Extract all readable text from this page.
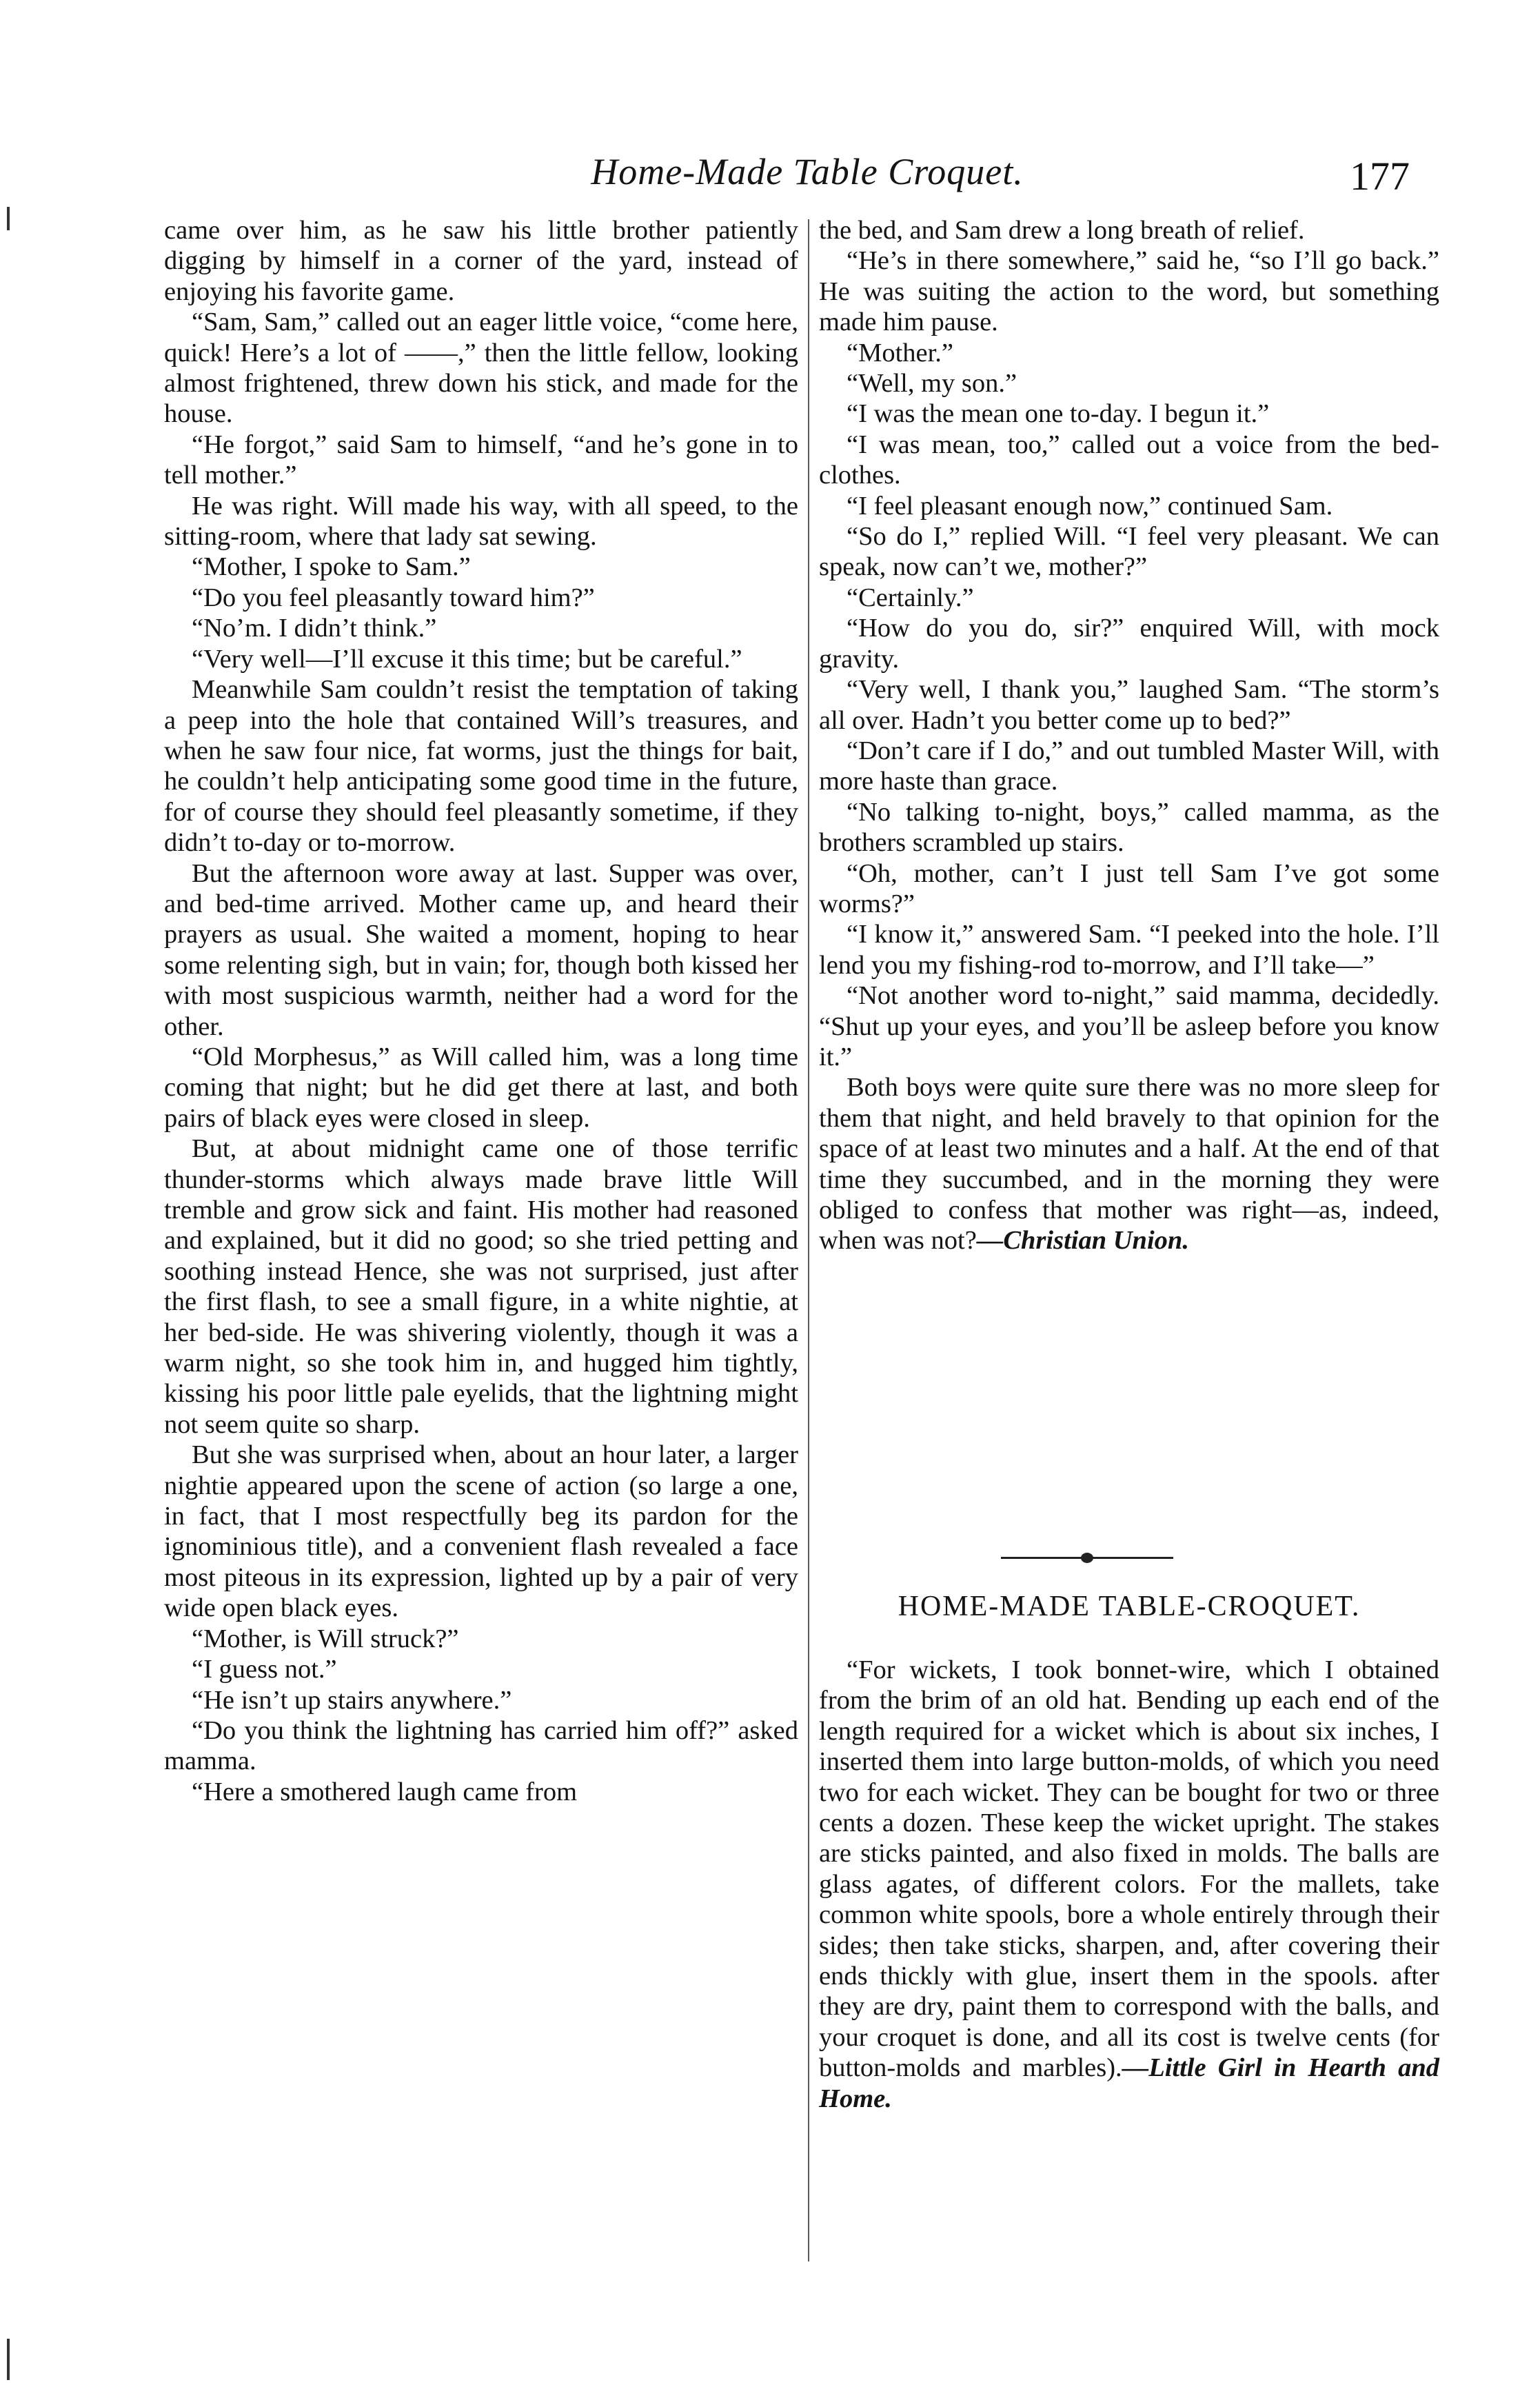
Home-Made Table Croquet.	177

came over him, as he saw his little brother patiently digging by himself in a corner of the yard, instead of enjoying his favorite game.

“Sam, Sam,” called out an eager little voice, “come here, quick! Here’s a lot of ——,” then the little fellow, looking almost frightened, threw down his stick, and made for the house.

“He forgot,” said Sam to himself, “and he’s gone in to tell mother.”

He was right. Will made his way, with all speed, to the sitting-room, where that lady sat sewing.

“Mother, I spoke to Sam.”

“Do you feel pleasantly toward him?”

“No’m. I didn’t think.”

“Very well—I’ll excuse it this time; but be careful.”

Meanwhile Sam couldn’t resist the temptation of taking a peep into the hole that contained Will’s treasures, and when he saw four nice, fat worms, just the things for bait, he couldn’t help anticipating some good time in the future, for of course they should feel pleasantly sometime, if they didn’t to-day or to-morrow.

But the afternoon wore away at last. Supper was over, and bed-time arrived. Mother came up, and heard their prayers as usual. She waited a moment, hoping to hear some relenting sigh, but in vain; for, though both kissed her with most suspicious warmth, neither had a word for the other.

“Old Morphesus,” as Will called him, was a long time coming that night; but he did get there at last, and both pairs of black eyes were closed in sleep.

But, at about midnight came one of those terrific thunder-storms which always made brave little Will tremble and grow sick and faint. His mother had reasoned and explained, but it did no good; so she tried petting and soothing instead Hence, she was not surprised, just after the first flash, to see a small figure, in a white nightie, at her bed-side. He was shivering violently, though it was a warm night, so she took him in, and hugged him tightly, kissing his poor little pale eyelids, that the lightning might not seem quite so sharp.

But she was surprised when, about an hour later, a larger nightie appeared upon the scene of action (so large a one, in fact, that I most respectfully beg its pardon for the ignominious title), and a convenient flash revealed a face most piteous in its expression, lighted up by a pair of very wide open black eyes.

“Mother, is Will struck?”

“I guess not.”

“He isn’t up stairs anywhere.”

“Do you think the lightning has carried him off?” asked mamma.

“Here a smothered laugh came from

the bed, and Sam drew a long breath of relief.

“He’s in there somewhere,” said he, “so I’ll go back.” He was suiting the action to the word, but something made him pause.

“Mother.”

“Well, my son.”

“I was the mean one to-day. I begun it.”

“I was mean, too,” called out a voice from the bed-clothes.

“I feel pleasant enough now,” continued Sam.

“So do I,” replied Will. “I feel very pleasant. We can speak, now can’t we, mother?”

“Certainly.”

“How do you do, sir?” enquired Will, with mock gravity.

“Very well, I thank you,” laughed Sam. “The storm’s all over. Hadn’t you better come up to bed?”

“Don’t care if I do,” and out tumbled Master Will, with more haste than grace.

“No talking to-night, boys,” called mamma, as the brothers scrambled up stairs.

“Oh, mother, can’t I just tell Sam I’ve got some worms?”

“I know it,” answered Sam. “I peeked into the hole. I’ll lend you my fishing-rod to-morrow, and I’ll take—”

“Not another word to-night,” said mamma, decidedly. “Shut up your eyes, and you’ll be asleep before you know it.”

Both boys were quite sure there was no more sleep for them that night, and held bravely to that opinion for the space of at least two minutes and a half. At the end of that time they succumbed, and in the morning they were obliged to confess that mother was right—as, indeed, when was not?—Christian Union.

HOME-MADE TABLE-CROQUET.

“For wickets, I took bonnet-wire, which I obtained from the brim of an old hat. Bending up each end of the length required for a wicket which is about six inches, I inserted them into large button-molds, of which you need two for each wicket. They can be bought for two or three cents a dozen. These keep the wicket upright. The stakes are sticks painted, and also fixed in molds. The balls are glass agates, of different colors. For the mallets, take common white spools, bore a whole entirely through their sides; then take sticks, sharpen, and, after covering their ends thickly with glue, insert them in the spools. after they are dry, paint them to correspond with the balls, and your croquet is done, and all its cost is twelve cents (for button-molds and marbles).—Little Girl in Hearth and Home.
